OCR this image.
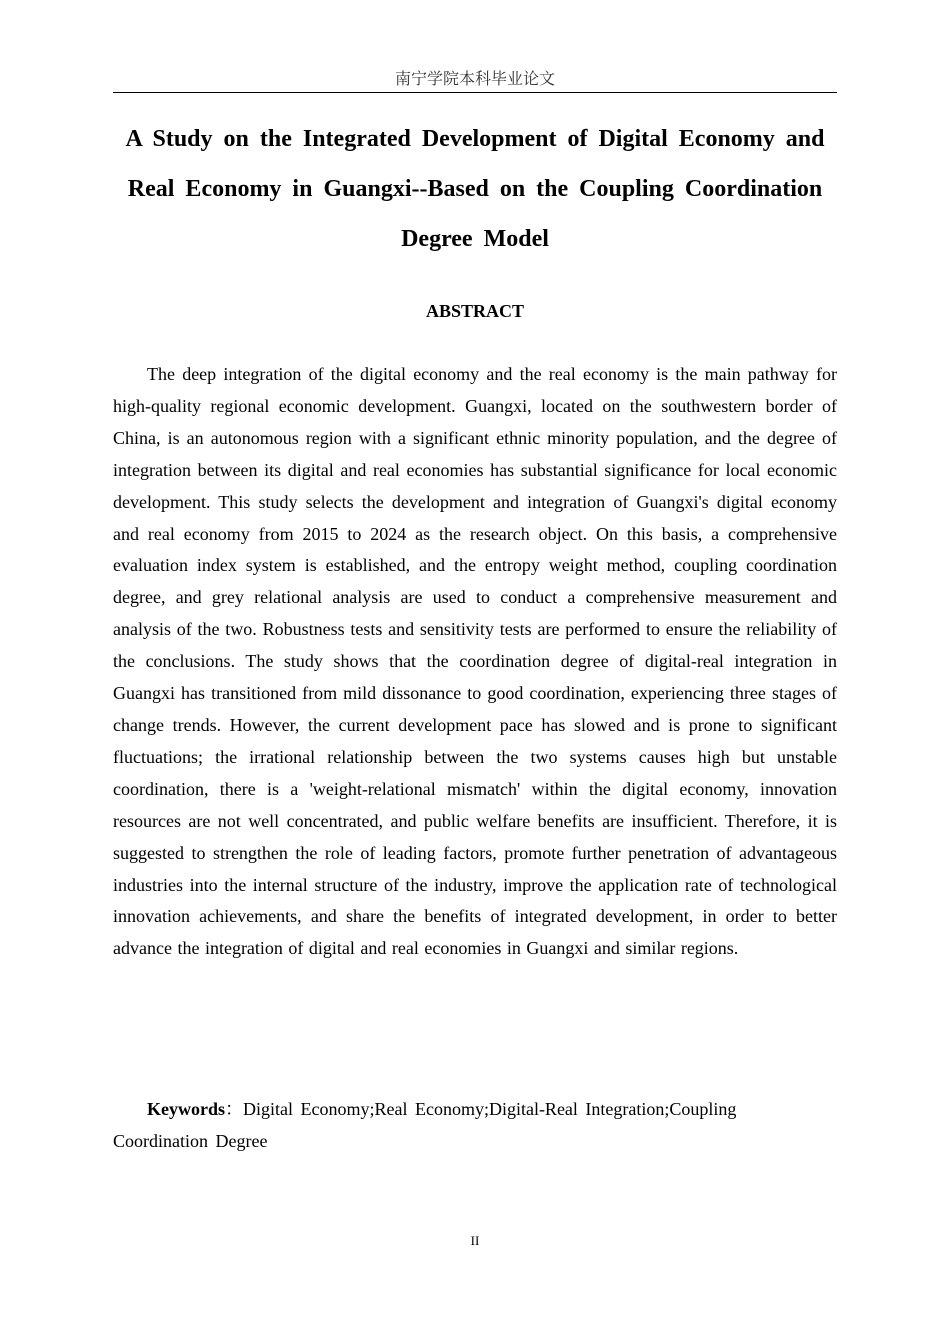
南宁学院本科毕业论文
A Study on the Integrated Development of Digital Economy and Real Economy in Guangxi--Based on the Coupling Coordination Degree Model
ABSTRACT

The deep integration of the digital economy and the real economy is the main pathway for high-quality regional economic development. Guangxi, located on the southwestern border of China, is an autonomous region with a significant ethnic minority population, and the degree of integration between its digital and real economies has substantial significance for local economic development. This study selects the development and integration of Guangxi's digital economy and real economy from 2015 to 2024 as the research object. On this basis, a comprehensive evaluation index system is established, and the entropy weight method, coupling coordination degree, and grey relational analysis are used to conduct a comprehensive measurement and analysis of the two. Robustness tests and sensitivity tests are performed to ensure the reliability of the conclusions. The study shows that the coordination degree of digital-real integration in Guangxi has transitioned from mild dissonance to good coordination, experiencing three stages of change trends. However, the current development pace has slowed and is prone to significant fluctuations; the irrational relationship between the two systems causes high but unstable coordination, there is a 'weight-relational mismatch' within the digital economy, innovation resources are not well concentrated, and public welfare benefits are insufficient. Therefore, it is suggested to strengthen the role of leading factors, promote further penetration of advantageous industries into the internal structure of the industry, improve the application rate of technological innovation achievements, and share the benefits of integrated development, in order to better advance the integration of digital and real economies in Guangxi and similar regions.

Keywords：Digital Economy;Real Economy;Digital-Real Integration;Coupling Coordination Degree

II
